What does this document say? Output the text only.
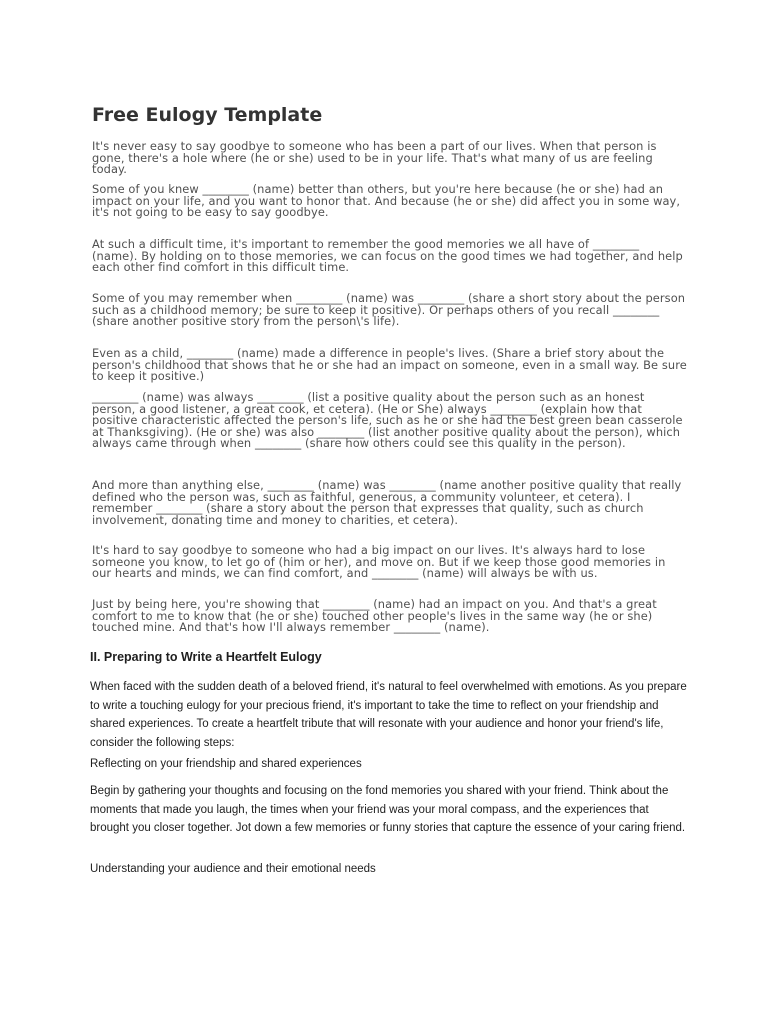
Free Eulogy Template

It's never easy to say goodbye to someone who has been a part of our lives. When that person is gone, there's a hole where (he or she) used to be in your life. That's what many of us are feeling today.

Some of you knew ________ (name) better than others, but you're here because (he or she) had an impact on your life, and you want to honor that. And because (he or she) did affect you in some way, it's not going to be easy to say goodbye.

At such a difficult time, it's important to remember the good memories we all have of ________ (name). By holding on to those memories, we can focus on the good times we had together, and help each other find comfort in this difficult time.

Some of you may remember when ________ (name) was ________ (share a short story about the person such as a childhood memory; be sure to keep it positive). Or perhaps others of you recall ________ (share another positive story from the person\'s life).

Even as a child, ________ (name) made a difference in people's lives. (Share a brief story about the person's childhood that shows that he or she had an impact on someone, even in a small way. Be sure to keep it positive.)

________ (name) was always ________ (list a positive quality about the person such as an honest person, a good listener, a great cook, et cetera). (He or She) always ________ (explain how that positive characteristic affected the person's life, such as he or she had the best green bean casserole at Thanksgiving). (He or she) was also ________ (list another positive quality about the person), which always came through when ________ (share how others could see this quality in the person).

And more than anything else, ________ (name) was ________ (name another positive quality that really defined who the person was, such as faithful, generous, a community volunteer, et cetera). I remember ________ (share a story about the person that expresses that quality, such as church involvement, donating time and money to charities, et cetera).

It's hard to say goodbye to someone who had a big impact on our lives. It's always hard to lose someone you know, to let go of (him or her), and move on. But if we keep those good memories in our hearts and minds, we can find comfort, and ________ (name) will always be with us.

Just by being here, you're showing that ________ (name) had an impact on you. And that's a great comfort to me to know that (he or she) touched other people's lives in the same way (he or she) touched mine. And that's how I'll always remember ________ (name).

II. Preparing to Write a Heartfelt Eulogy

When faced with the sudden death of a beloved friend, it's natural to feel overwhelmed with emotions. As you prepare to write a touching eulogy for your precious friend, it's important to take the time to reflect on your friendship and shared experiences. To create a heartfelt tribute that will resonate with your audience and honor your friend's life, consider the following steps:

Reflecting on your friendship and shared experiences

Begin by gathering your thoughts and focusing on the fond memories you shared with your friend. Think about the moments that made you laugh, the times when your friend was your moral compass, and the experiences that brought you closer together. Jot down a few memories or funny stories that capture the essence of your caring friend.

Understanding your audience and their emotional needs
